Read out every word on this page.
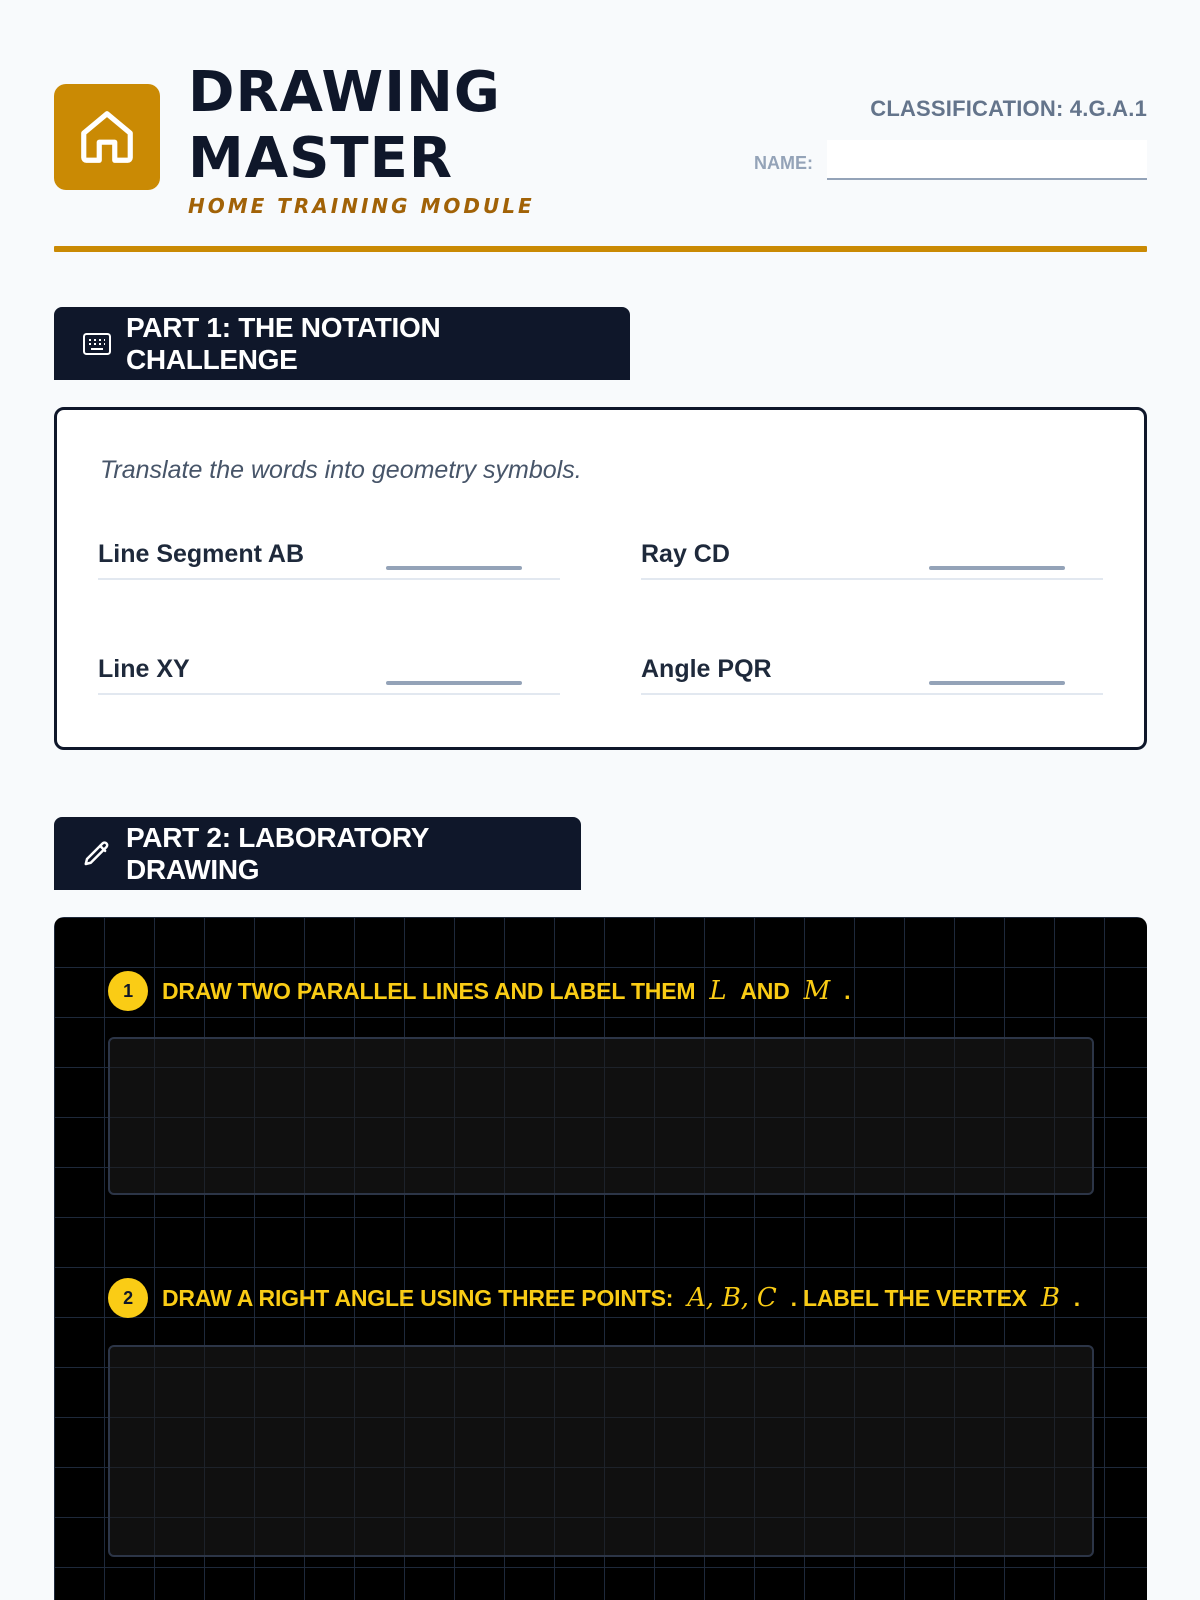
DRAWING
MASTER
HOME TRAINING MODULE
CLASSIFICATION: 4.G.A.1
NAME:
PART 1: THE NOTATION CHALLENGE
Translate the words into geometry symbols.
Line Segment AB	Ray CD
Line XY	Angle PQR
PART 2: LABORATORY DRAWING
1	DRAW TWO PARALLEL LINES AND LABEL THEM L AND M .
2	DRAW A RIGHT ANGLE USING THREE POINTS: A, B, C . LABEL THE VERTEX B .
